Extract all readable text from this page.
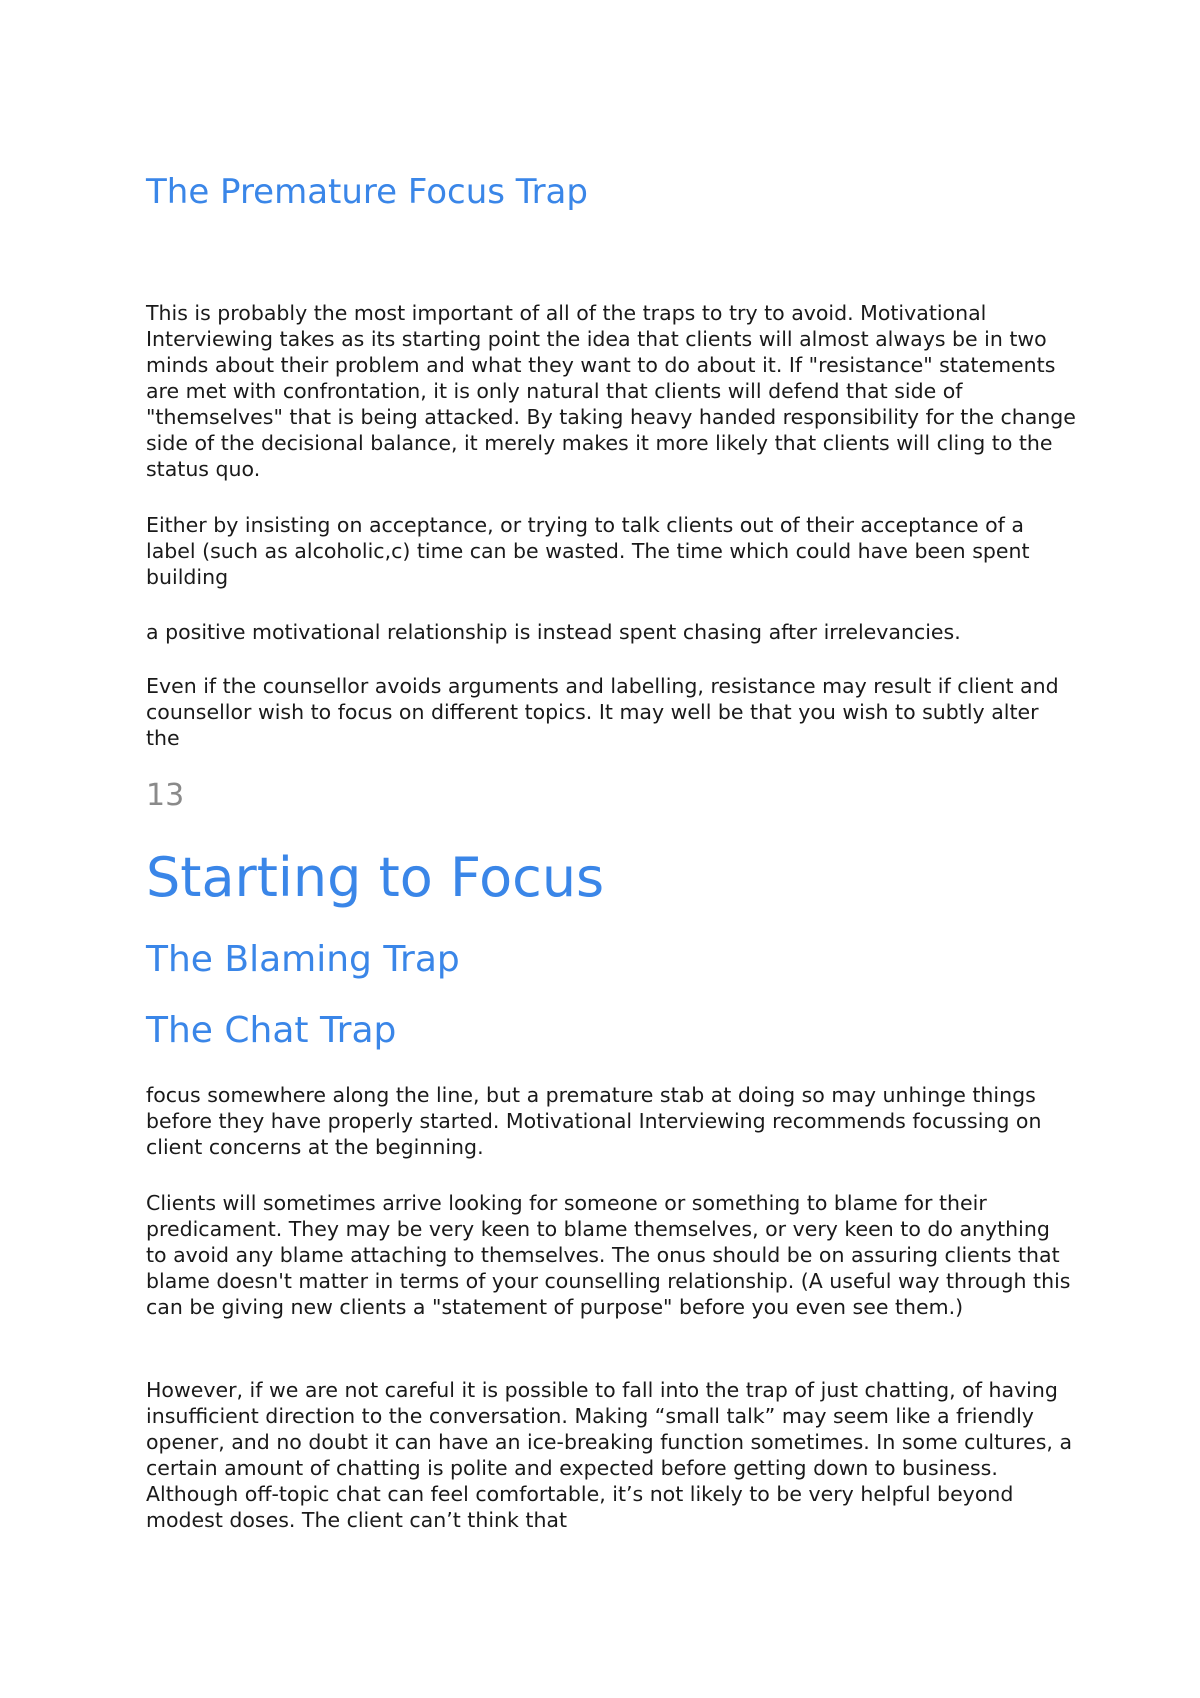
The Premature Focus Trap

This is probably the most important of all of the traps to try to avoid. Motivational Interviewing takes as its starting point the idea that clients will almost always be in two minds about their problem and what they want to do about it. If "resistance" statements are met with confrontation, it is only natural that clients will defend that side of "themselves" that is being attacked. By taking heavy handed responsibility for the change side of the decisional balance, it merely makes it more likely that clients will cling to the status quo.

Either by insisting on acceptance, or trying to talk clients out of their acceptance of a label (such as alcoholic,c) time can be wasted. The time which could have been spent building

a positive motivational relationship is instead spent chasing after irrelevancies.

Even if the counsellor avoids arguments and labelling, resistance may result if client and counsellor wish to focus on different topics. It may well be that you wish to subtly alter the

13
Starting to Focus
The Blaming Trap
The Chat Trap

focus somewhere along the line, but a premature stab at doing so may unhinge things before they have properly started. Motivational Interviewing recommends focussing on client concerns at the beginning.

Clients will sometimes arrive looking for someone or something to blame for their predicament. They may be very keen to blame themselves, or very keen to do anything to avoid any blame attaching to themselves. The onus should be on assuring clients that blame doesn't matter in terms of your counselling relationship. (A useful way through this can be giving new clients a "statement of purpose" before you even see them.)

However, if we are not careful it is possible to fall into the trap of just chatting, of having insufficient direction to the conversation. Making “small talk” may seem like a friendly opener, and no doubt it can have an ice-breaking function sometimes. In some cultures, a certain amount of chatting is polite and expected before getting down to business. Although off-topic chat can feel comfortable, it’s not likely to be very helpful beyond modest doses. The client can’t think that
